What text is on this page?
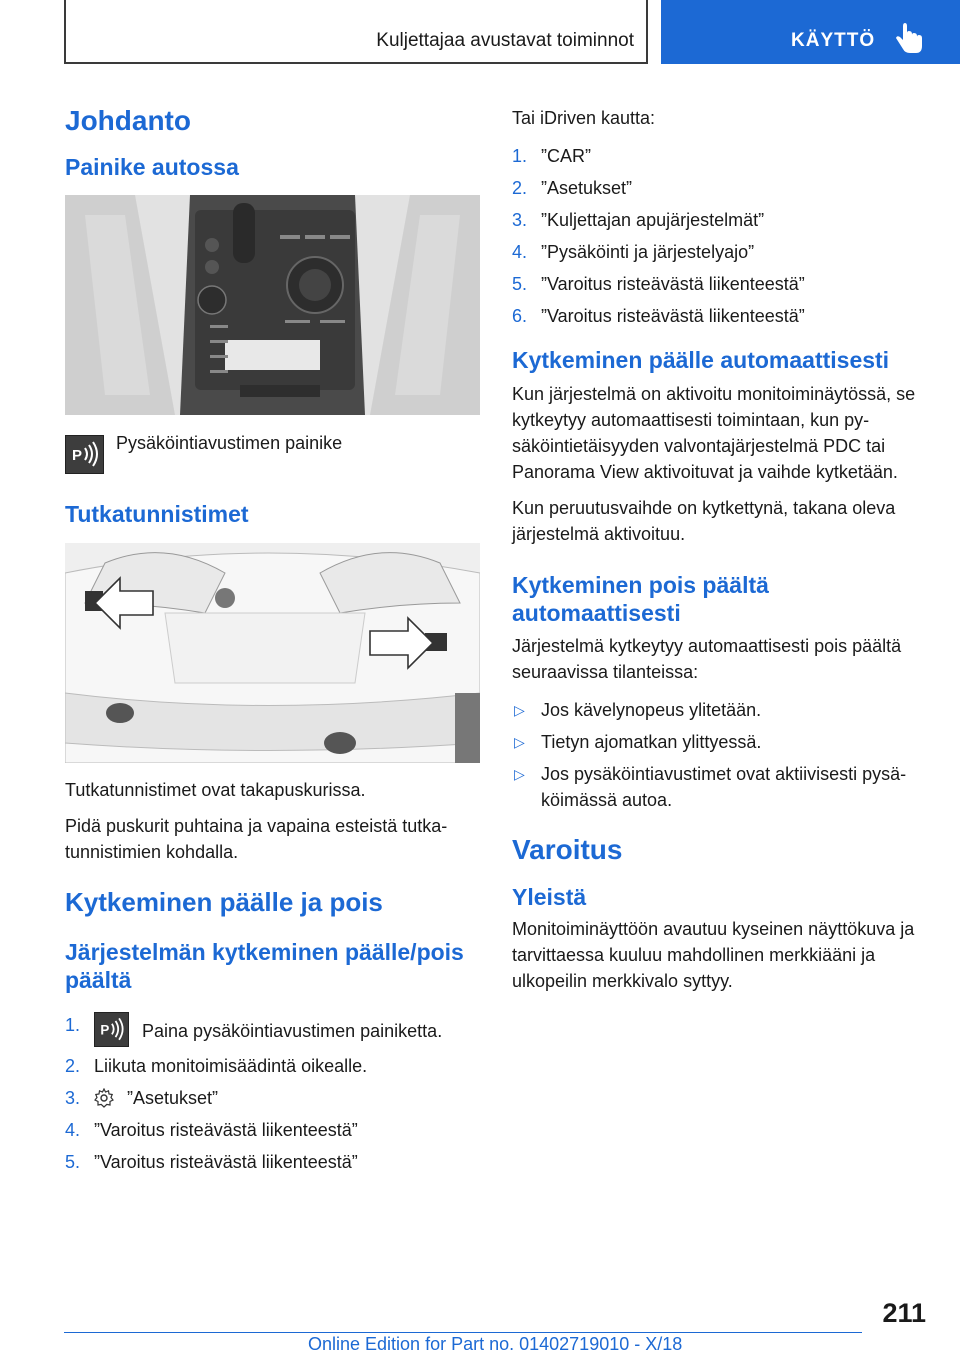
Kuljettajaa avustavat toiminnot	KÄYTTÖ
Johdanto
Painike autossa
P
Pysäköintiavustimen painike
Tutkatunnistimet

Tutkatunnistimet ovat takapuskurissa.

Pidä puskurit puhtaina ja vapaina esteistä tutka-tunnistimien kohdalla.

Kytkeminen päälle ja pois
Järjestelmän kytkeminen päälle/pois päältä
1. P Paina pysäköintiavustimen painiketta.
2. Liikuta monitoimisäädintä oikealle.
3.	”Asetukset”
4. ”Varoitus risteävästä liikenteestä”
5. ”Varoitus risteävästä liikenteestä”

Tai iDriven kautta:

1. ”CAR”
2. ”Asetukset”
3. ”Kuljettajan apujärjestelmät”
4. ”Pysäköinti ja järjestelyajo”
5. ”Varoitus risteävästä liikenteestä”
6. ”Varoitus risteävästä liikenteestä”
Kytkeminen päälle automaattisesti

Kun järjestelmä on aktivoitu monitoiminäytössä, se kytkeytyy automaattisesti toimintaan, kun py-säköintietäisyyden valvontajärjestelmä PDC tai Panorama View aktivoituvat ja vaihde kytketään.

Kun peruutusvaihde on kytkettynä, takana oleva järjestelmä aktivoituu.

Kytkeminen pois päältä automaattisesti

Järjestelmä kytkeytyy automaattisesti pois päältä seuraavissa tilanteissa:

▷ Jos kävelynopeus ylitetään.
▷ Tietyn ajomatkan ylittyessä.
▷ Jos pysäköintiavustimet ovat aktiivisesti pysä-köimässä autoa.
Varoitus
Yleistä

Monitoiminäyttöön avautuu kyseinen näyttökuva ja tarvittaessa kuuluu mahdollinen merkkiääni ja ulkopeilin merkkivalo syttyy.

211
Online Edition for Part no. 01402719010 - X/18
